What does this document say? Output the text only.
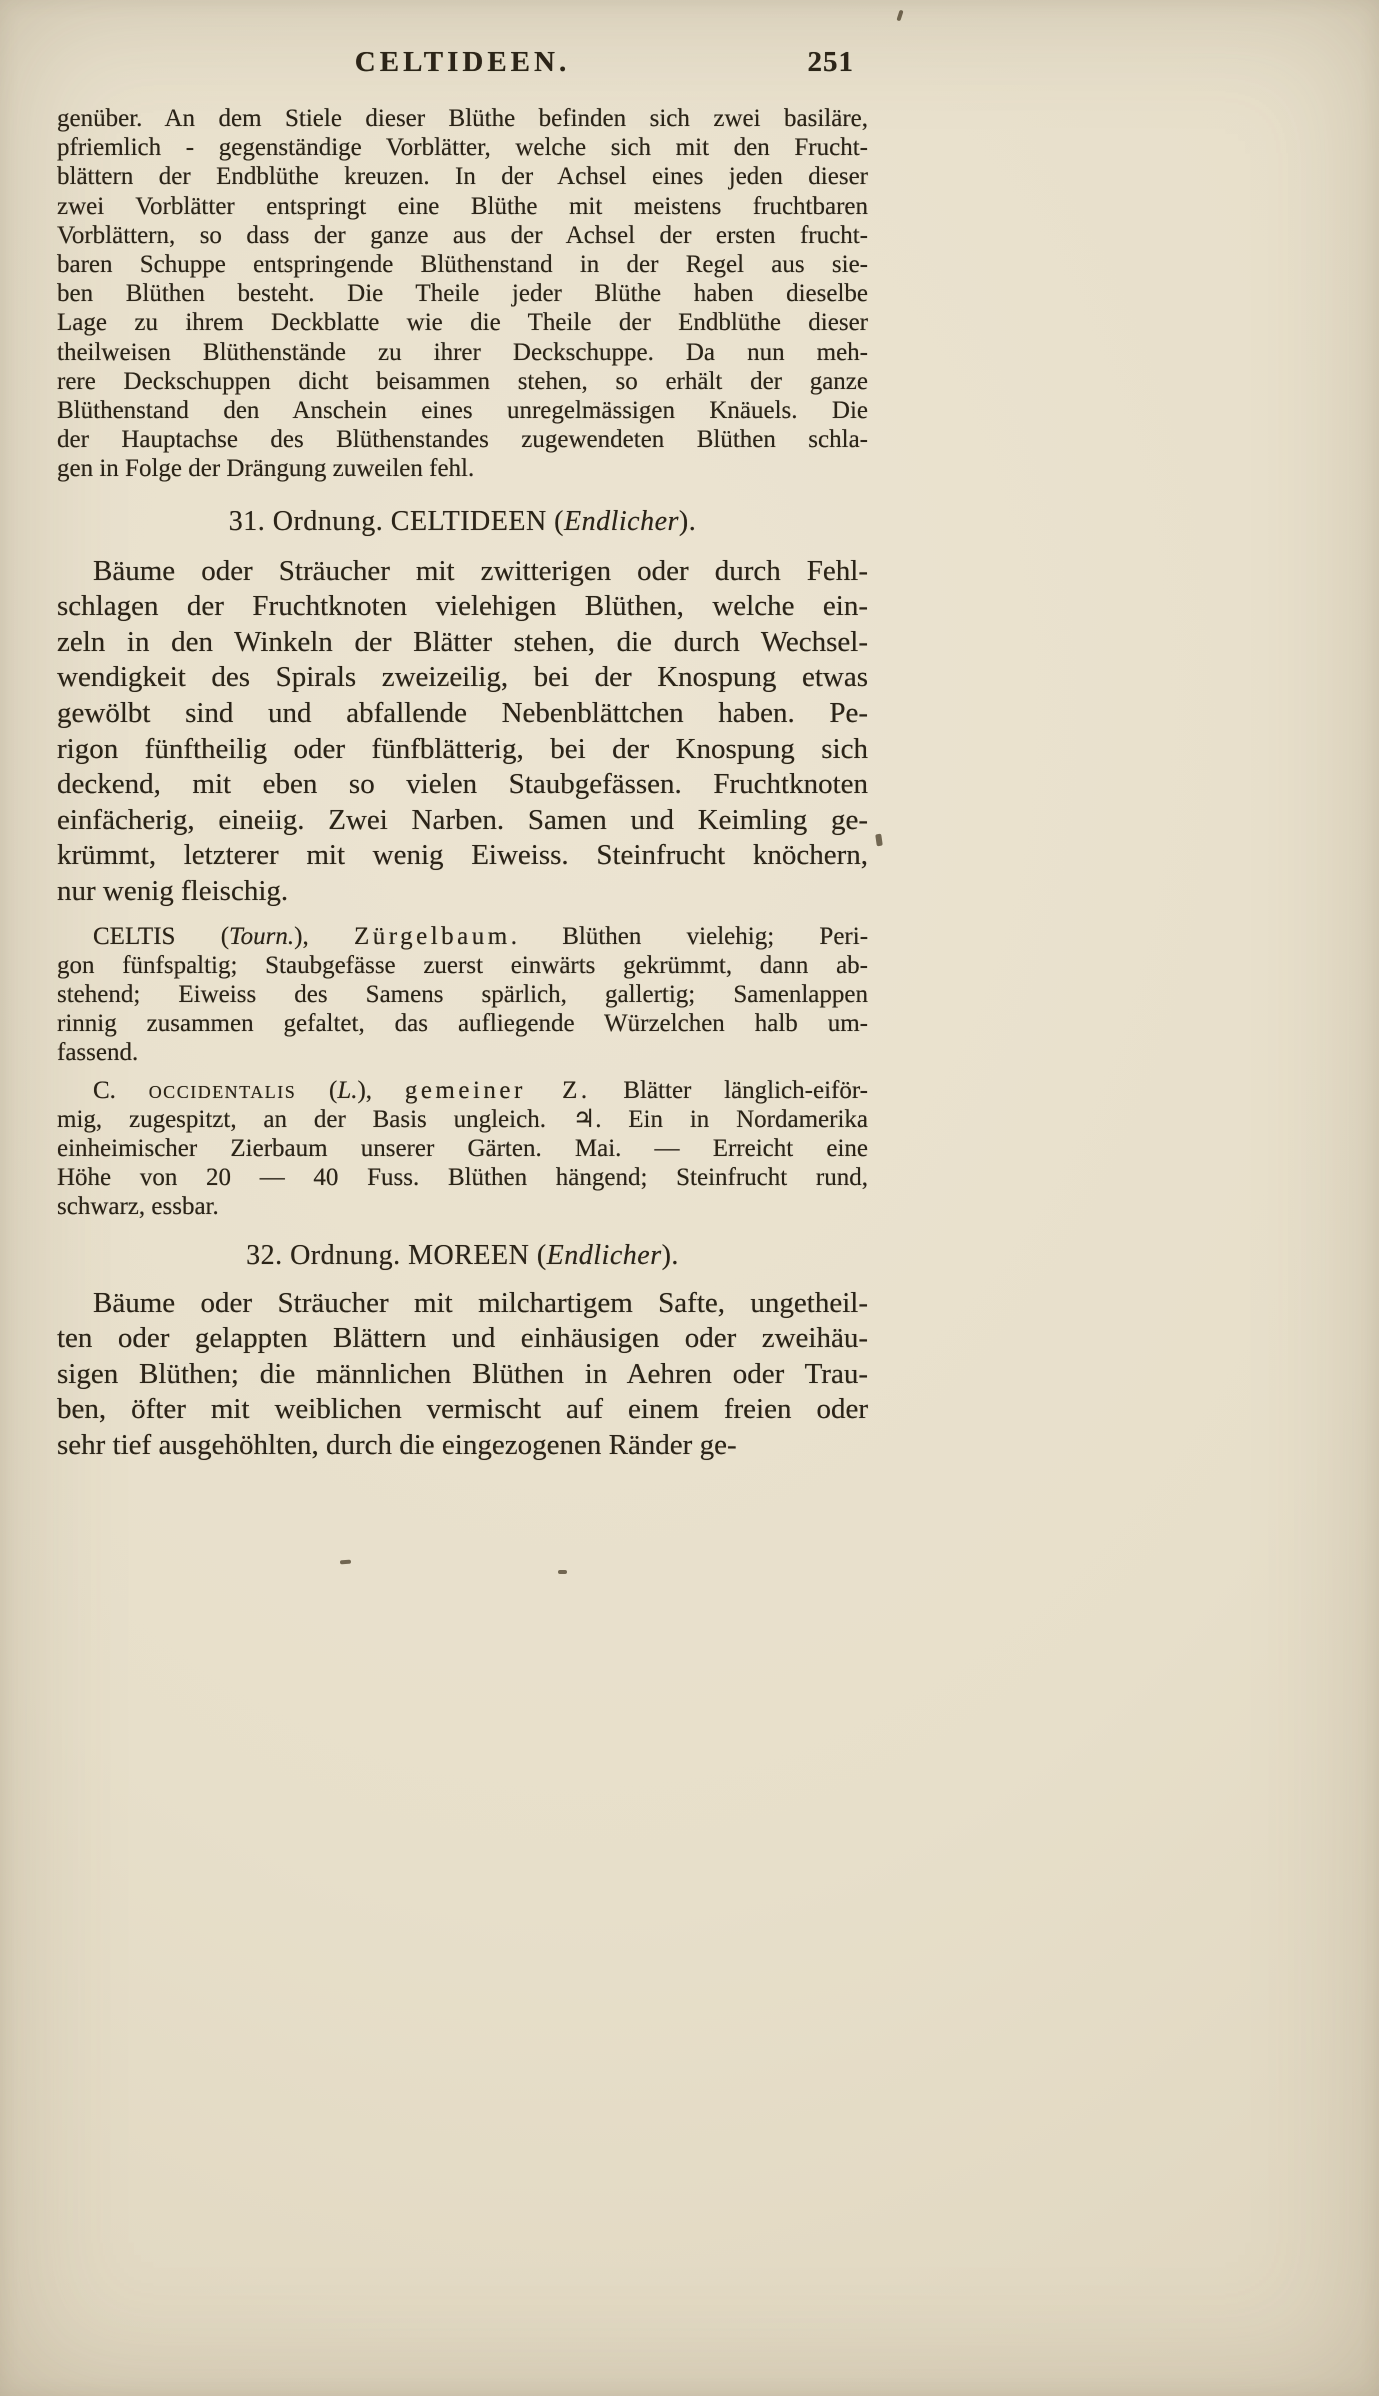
CELTIDEEN.	251
genüber. An dem Stiele dieser Blüthe befinden sich zwei basiläre,
pfriemlich - gegenständige Vorblätter, welche sich mit den Frucht-
blättern der Endblüthe kreuzen. In der Achsel eines jeden dieser
zwei Vorblätter entspringt eine Blüthe mit meistens fruchtbaren
Vorblättern, so dass der ganze aus der Achsel der ersten frucht-
baren Schuppe entspringende Blüthenstand in der Regel aus sie-
ben Blüthen besteht. Die Theile jeder Blüthe haben dieselbe
Lage zu ihrem Deckblatte wie die Theile der Endblüthe dieser
theilweisen Blüthenstände zu ihrer Deckschuppe. Da nun meh-
rere Deckschuppen dicht beisammen stehen, so erhält der ganze
Blüthenstand den Anschein eines unregelmässigen Knäuels. Die
der Hauptachse des Blüthenstandes zugewendeten Blüthen schla-
gen in Folge der Drängung zuweilen fehl.
31. Ordnung. CELTIDEEN (Endlicher).
Bäume oder Sträucher mit zwitterigen oder durch Fehl-
schlagen der Fruchtknoten vielehigen Blüthen, welche ein-
zeln in den Winkeln der Blätter stehen, die durch Wechsel-
wendigkeit des Spirals zweizeilig, bei der Knospung etwas
gewölbt sind und abfallende Nebenblättchen haben. Pe-
rigon fünftheilig oder fünfblätterig, bei der Knospung sich
deckend, mit eben so vielen Staubgefässen. Fruchtknoten
einfächerig, eineiig. Zwei Narben. Samen und Keimling ge-
krümmt, letzterer mit wenig Eiweiss. Steinfrucht knöchern,
nur wenig fleischig.
CELTIS (Tourn.), Zürgelbaum. Blüthen vielehig; Peri-
gon fünfspaltig; Staubgefässe zuerst einwärts gekrümmt, dann ab-
stehend; Eiweiss des Samens spärlich, gallertig; Samenlappen
rinnig zusammen gefaltet, das aufliegende Würzelchen halb um-
fassend.
C. occidentalis (L.), gemeiner Z. Blätter länglich-eiför-
mig, zugespitzt, an der Basis ungleich. ♃. Ein in Nordamerika
einheimischer Zierbaum unserer Gärten. Mai. — Erreicht eine
Höhe von 20 — 40 Fuss. Blüthen hängend; Steinfrucht rund,
schwarz, essbar.
32. Ordnung. MOREEN (Endlicher).
Bäume oder Sträucher mit milchartigem Safte, ungetheil-
ten oder gelappten Blättern und einhäusigen oder zweihäu-
sigen Blüthen; die männlichen Blüthen in Aehren oder Trau-
ben, öfter mit weiblichen vermischt auf einem freien oder
sehr tief ausgehöhlten, durch die eingezogenen Ränder ge-
